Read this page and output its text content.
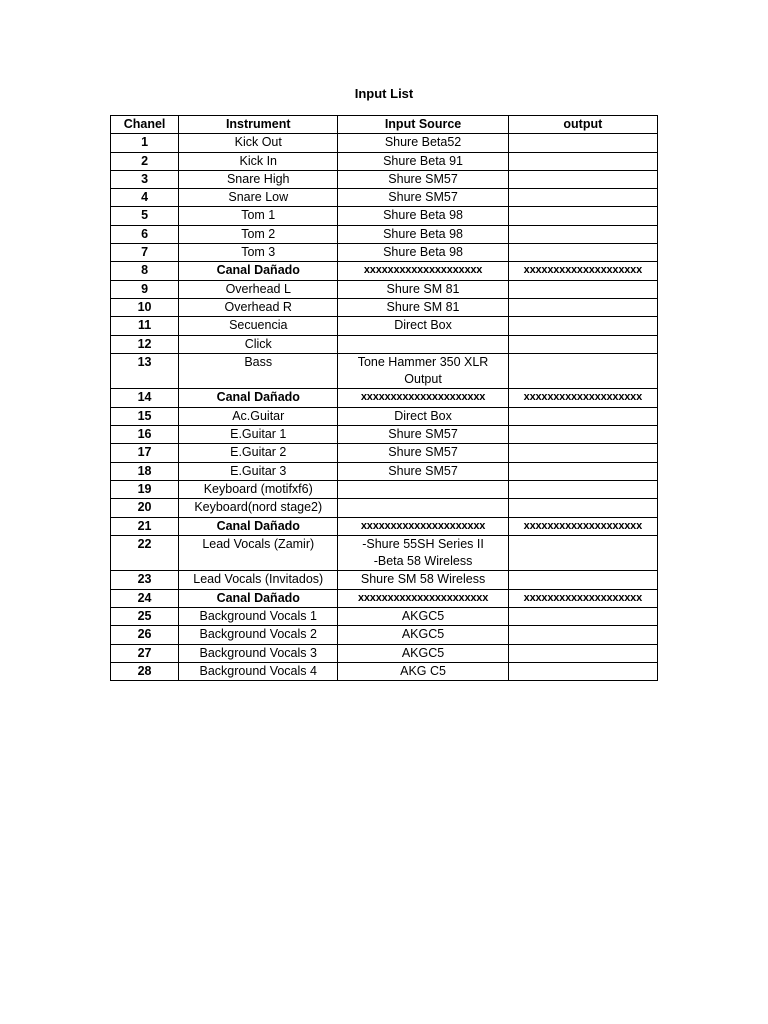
Input List
Chanel	Instrument	Input Source	output
1	Kick Out	Shure Beta52	

2	Kick In	Shure Beta 91	

3	Snare High	Shure SM57	

4	Snare Low	Shure SM57	

5	Tom 1	Shure Beta 98	

6	Tom 2	Shure Beta 98	

7	Tom 3	Shure Beta 98	

8	Canal Dañado	xxxxxxxxxxxxxxxxxxxx	xxxxxxxxxxxxxxxxxxxx
9	Overhead L	Shure SM 81	

10	Overhead R	Shure SM 81	

11	Secuencia	Direct Box	

12	Click		
13	Bass	Tone Hammer 350 XLR
Output	

14	Canal Dañado	xxxxxxxxxxxxxxxxxxxxx	xxxxxxxxxxxxxxxxxxxx
15	Ac.Guitar	Direct Box	

16	E.Guitar 1	Shure SM57	

17	E.Guitar 2	Shure SM57	

18	E.Guitar 3	Shure SM57	

19	Keyboard (motifxf6)		
20	Keyboard(nord stage2)		
21	Canal Dañado	xxxxxxxxxxxxxxxxxxxxx	xxxxxxxxxxxxxxxxxxxx
22	Lead Vocals (Zamir)	-Shure 55SH Series II
-Beta 58 Wireless	

23	Lead Vocals (Invitados)	Shure SM 58 Wireless	

24	Canal Dañado	xxxxxxxxxxxxxxxxxxxxxx	xxxxxxxxxxxxxxxxxxxx
25	Background Vocals 1	AKGC5	

26	Background Vocals 2	AKGC5	

27	Background Vocals 3	AKGC5	

28	Background Vocals 4	AKG C5	
